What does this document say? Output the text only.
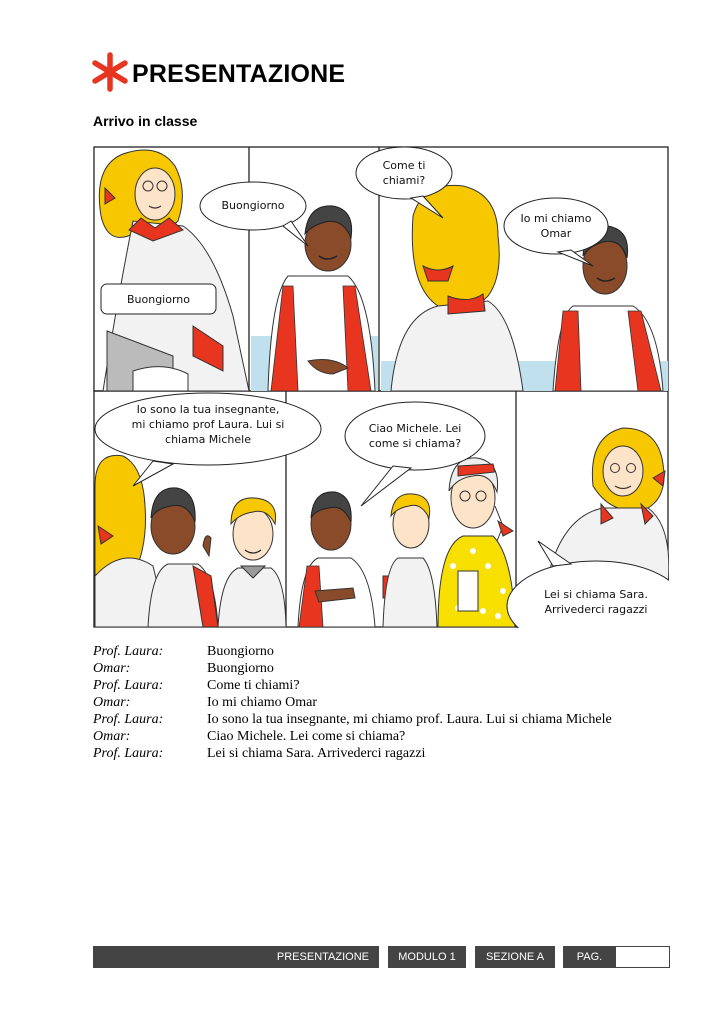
PRESENTAZIONE
Arrivo in classe
Buongiorno
Buongiorno
Come ti chiami?
Io mi chiamo Omar
Io sono la tua insegnante, mi chiamo prof Laura. Lui si chiama Michele
Ciao Michele. Lei come si chiama?
Lei si chiama Sara. Arrivederci ragazzi
Prof. Laura:	Buongiorno
Omar:	Buongiorno
Prof. Laura:	Come ti chiami?
Omar:	Io mi chiamo Omar
Prof. Laura:	Io sono la tua insegnante, mi chiamo prof. Laura. Lui si chiama Michele
Omar:	Ciao Michele. Lei come si chiama?
Prof. Laura:	Lei si chiama Sara. Arrivederci ragazzi
PRESENTAZIONE	MODULO 1	SEZIONE A	PAG.
